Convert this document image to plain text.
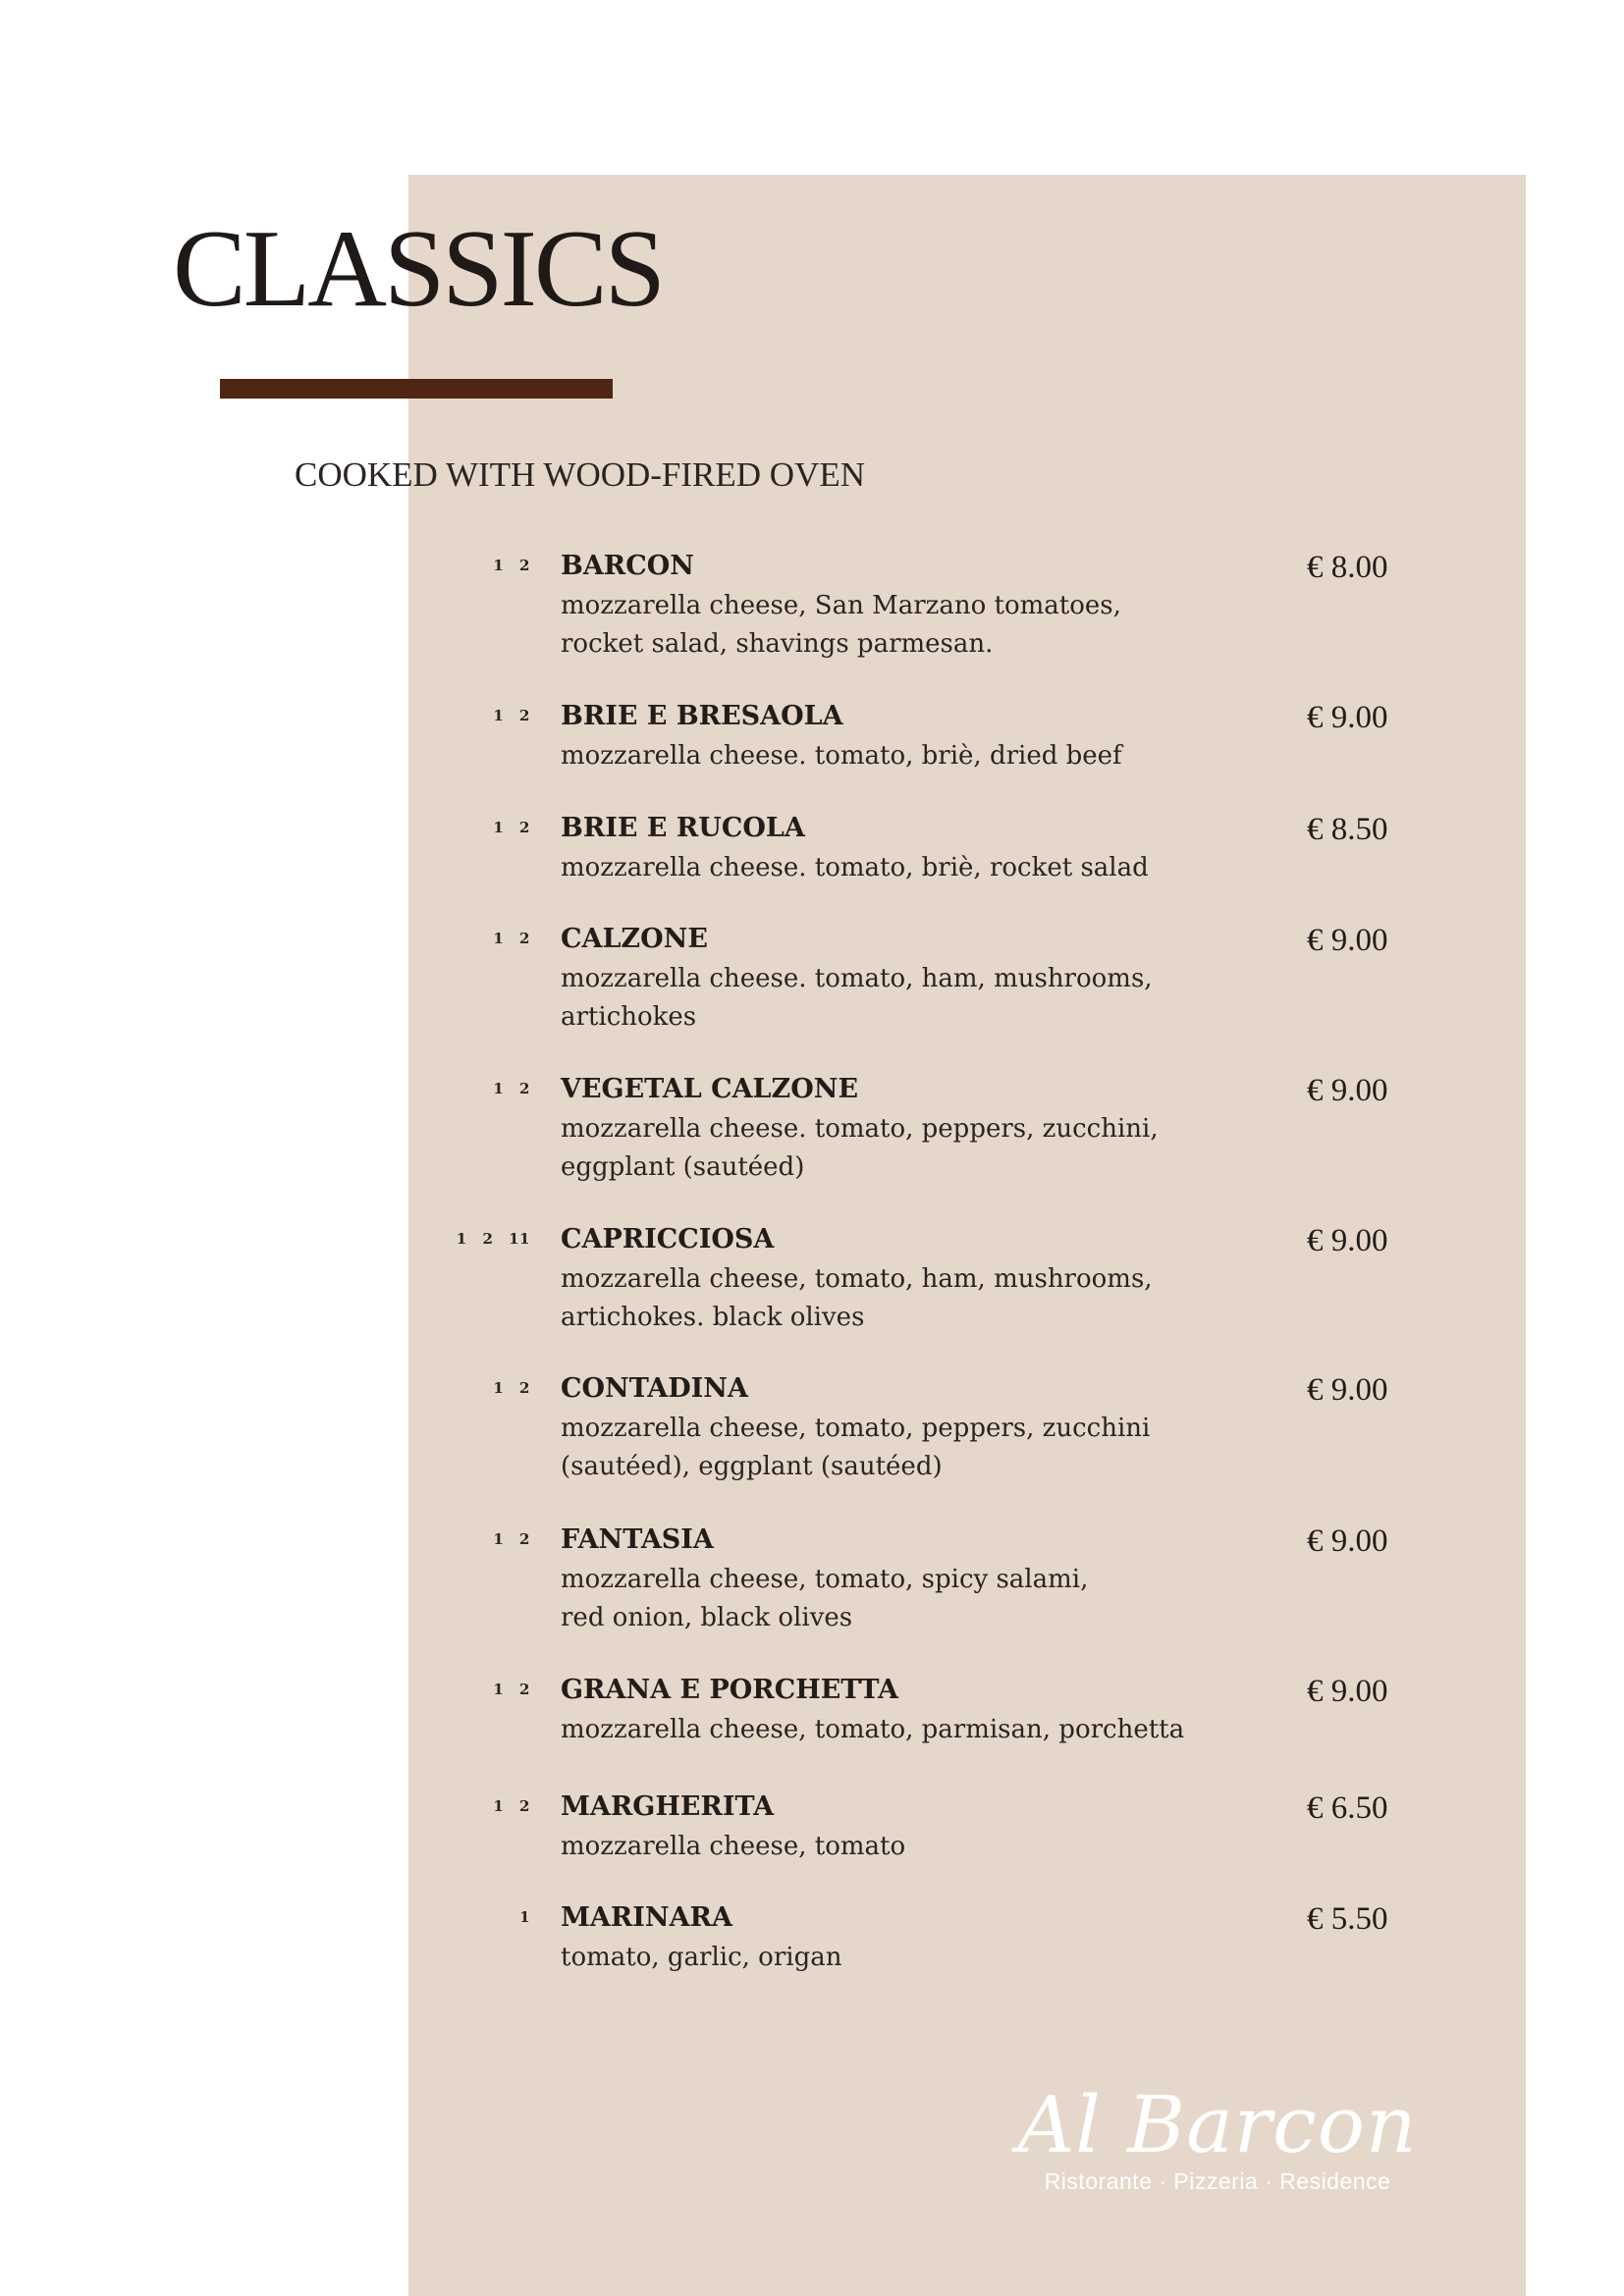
CLASSICS
COOKED WITH WOOD-FIRED OVEN
1 2 BARCON
mozzarella cheese, San Marzano tomatoes, rocket salad, shavings parmesan.
€ 8.00
1 2 BRIE E BRESAOLA
mozzarella cheese. tomato, briè, dried beef
€ 9.00
1 2 BRIE E RUCOLA
mozzarella cheese. tomato, briè, rocket salad
€ 8.50
1 2 CALZONE
mozzarella cheese. tomato, ham, mushrooms, artichokes
€ 9.00
1 2 VEGETAL CALZONE
mozzarella cheese. tomato, peppers, zucchini, eggplant (sautéed)
€ 9.00
1 2 11 CAPRICCIOSA
mozzarella cheese, tomato, ham, mushrooms, artichokes. black olives
€ 9.00
1 2 CONTADINA
mozzarella cheese, tomato, peppers, zucchini (sautéed), eggplant (sautéed)
€ 9.00
1 2 FANTASIA
mozzarella cheese, tomato, spicy salami, red onion, black olives
€ 9.00
1 2 GRANA E PORCHETTA
mozzarella cheese, tomato, parmisan, porchetta
€ 9.00
1 2 MARGHERITA
mozzarella cheese, tomato
€ 6.50
1 MARINARA
tomato, garlic, origan
€ 5.50
Al Barcon
Ristorante · Pizzeria · Residence
